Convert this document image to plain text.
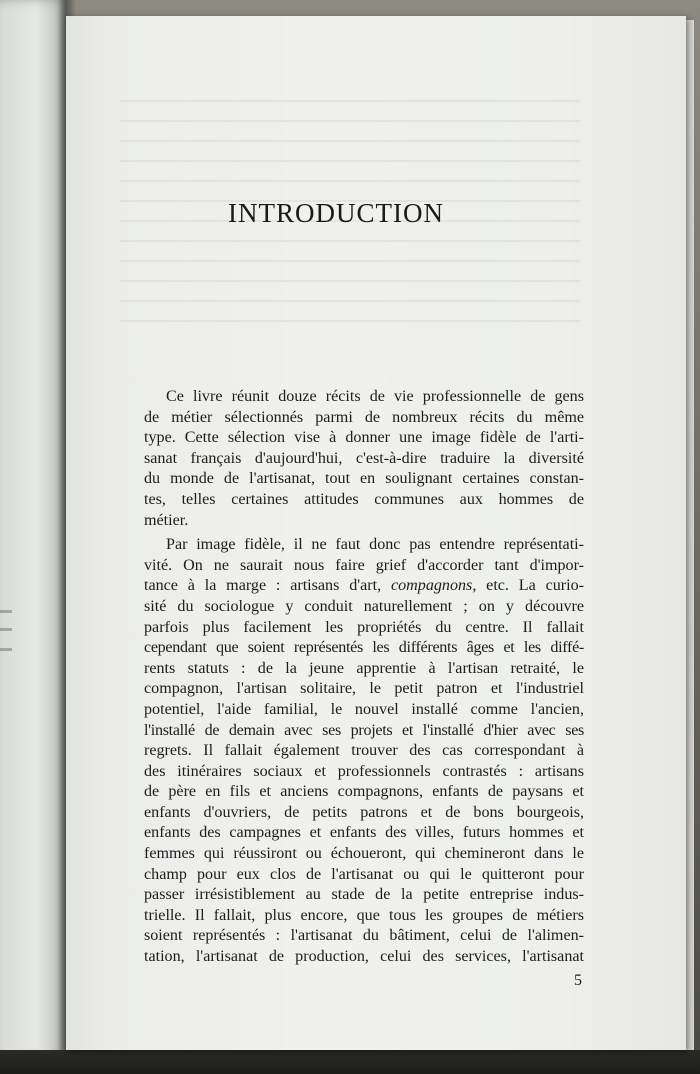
INTRODUCTION

Ce livre réunit douze récits de vie professionnelle de gens
de métier sélectionnés parmi de nombreux récits du même
type. Cette sélection vise à donner une image fidèle de l'arti-
sanat français d'aujourd'hui, c'est-à-dire traduire la diversité
du monde de l'artisanat, tout en soulignant certaines constan-
tes, telles certaines attitudes communes aux hommes de
métier.

Par image fidèle, il ne faut donc pas entendre représentati-
vité. On ne saurait nous faire grief d'accorder tant d'impor-
tance à la marge : artisans d'art, compagnons, etc. La curio-
sité du sociologue y conduit naturellement ; on y découvre
parfois plus facilement les propriétés du centre. Il fallait
cependant que soient représentés les différents âges et les diffé-
rents statuts : de la jeune apprentie à l'artisan retraité, le
compagnon, l'artisan solitaire, le petit patron et l'industriel
potentiel, l'aide familial, le nouvel installé comme l'ancien,
l'installé de demain avec ses projets et l'installé d'hier avec ses
regrets. Il fallait également trouver des cas correspondant à
des itinéraires sociaux et professionnels contrastés : artisans
de père en fils et anciens compagnons, enfants de paysans et
enfants d'ouvriers, de petits patrons et de bons bourgeois,
enfants des campagnes et enfants des villes, futurs hommes et
femmes qui réussiront ou échoueront, qui chemineront dans le
champ pour eux clos de l'artisanat ou qui le quitteront pour
passer irrésistiblement au stade de la petite entreprise indus-
trielle. Il fallait, plus encore, que tous les groupes de métiers
soient représentés : l'artisanat du bâtiment, celui de l'alimen-
tation, l'artisanat de production, celui des services, l'artisanat

5
